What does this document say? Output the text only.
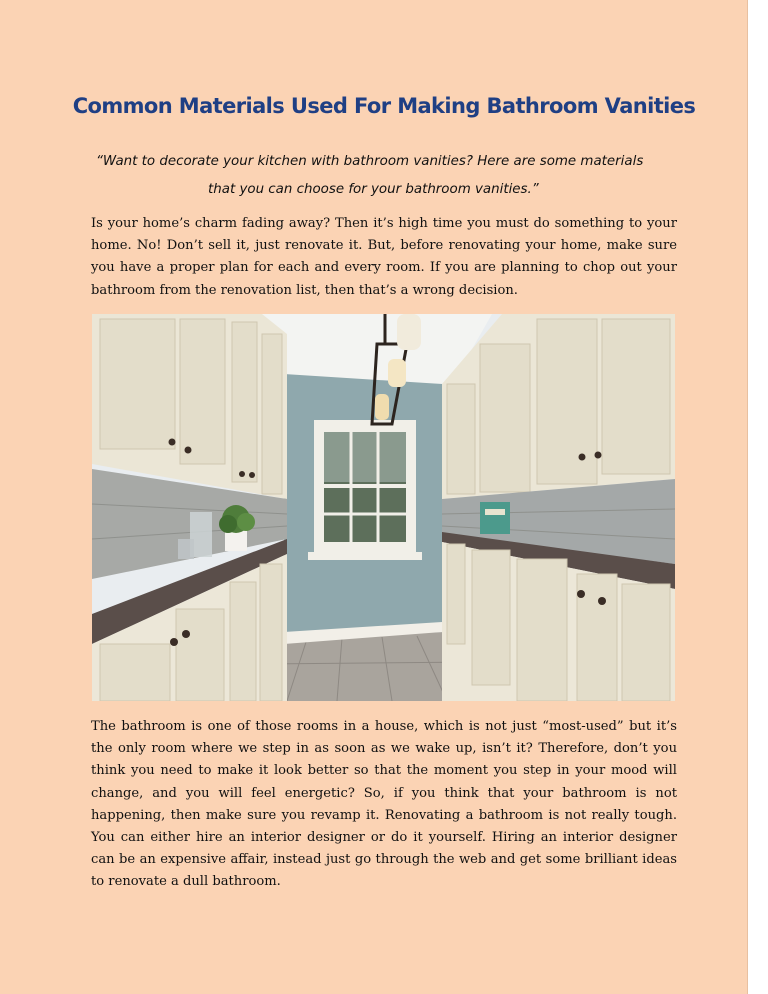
Common Materials Used For Making Bathroom Vanities
“Want to decorate your kitchen with bathroom vanities? Here are some materials
that you can choose for your bathroom vanities.”

Is your home’s charm fading away? Then it’s high time you must do something to your home. No! Don’t sell it, just renovate it. But, before renovating your home, make sure you have a proper plan for each and every room. If you are planning to chop out your bathroom from the renovation list, then that’s a wrong decision.

The bathroom is one of those rooms in a house, which is not just “most-used” but it’s the only room where we step in as soon as we wake up, isn’t it? Therefore, don’t you think you need to make it look better so that the moment you step in your mood will change, and you will feel energetic? So, if you think that your bathroom is not happening, then make sure you revamp it. Renovating a bathroom is not really tough. You can either hire an interior designer or do it yourself. Hiring an interior designer can be an expensive affair, instead just go through the web and get some brilliant ideas to renovate a dull bathroom.
